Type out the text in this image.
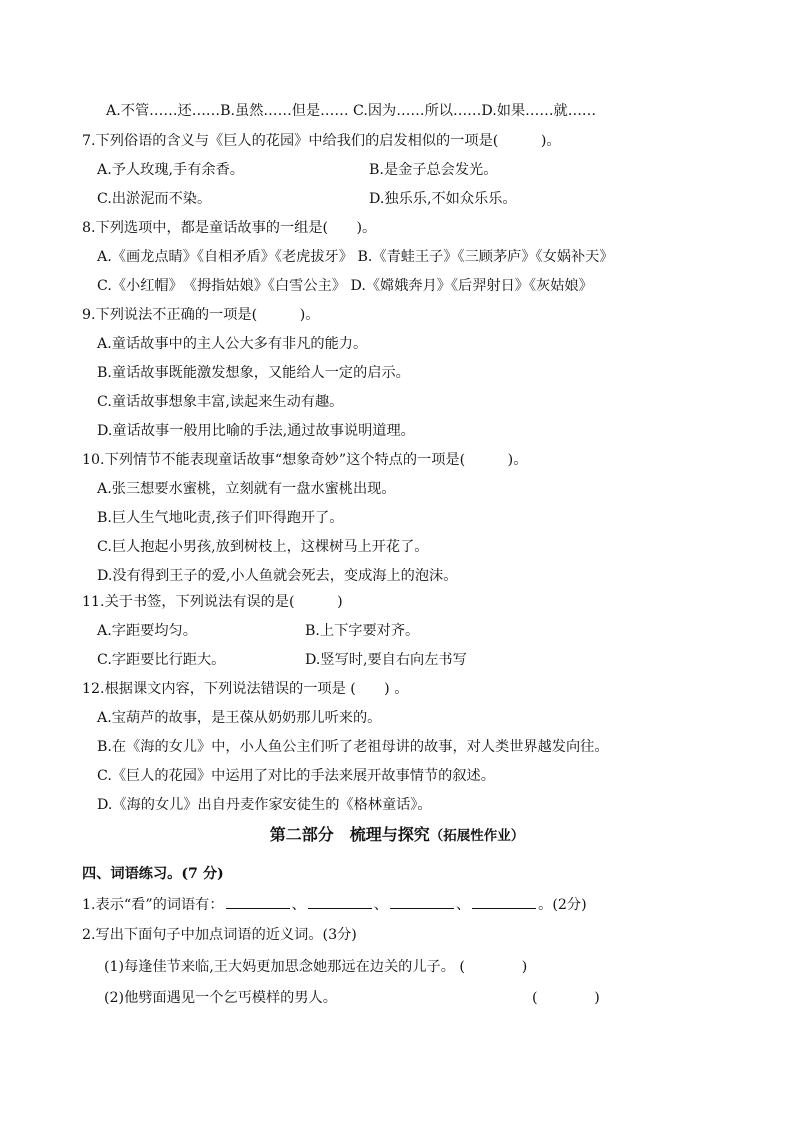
A.不管……还……B.虽然……但是…… C.因为……所以……D.如果……就……
7.下列俗语的含义与《巨人的花园》中给我们的启发相似的一项是(　　　)。
A.予人玫瑰,手有余香。	B.是金子总会发光。
C.出淤泥而不染。	D.独乐乐,不如众乐乐。
8.下列选项中，都是童话故事的一组是(　　)。
A.《画龙点睛》《自相矛盾》《老虎拔牙》 B.《青蛙王子》《三顾茅庐》《女娲补天》
C.《小红帽》　《拇指姑娘》《白雪公主》 D.《嫦娥奔月》《后羿射日》《灰姑娘》
9.下列说法不正确的一项是(　　　)。
A.童话故事中的主人公大多有非凡的能力。
B.童话故事既能激发想象，又能给人一定的启示。
C.童话故事想象丰富,读起来生动有趣。
D.童话故事一般用比喻的手法,通过故事说明道理。
10.下列情节不能表现童话故事“想象奇妙”这个特点的一项是(　　　)。
A.张三想要水蜜桃，立刻就有一盘水蜜桃出现。
B.巨人生气地叱责,孩子们吓得跑开了。
C.巨人抱起小男孩,放到树枝上，这棵树马上开花了。
D.没有得到王子的爱,小人鱼就会死去，变成海上的泡沫。
11.关于书签，下列说法有误的是(　　　)
A.字距要均匀。	B.上下字要对齐。
C.字距要比行距大。	D.竖写时,要自右向左书写
12.根据课文内容，下列说法错误的一项是 (　　) 。
A.宝葫芦的故事，是王葆从奶奶那儿听来的。
B.在《海的女儿》中，小人鱼公主们听了老祖母讲的故事，对人类世界越发向往。
C.《巨人的花园》中运用了对比的手法来展开故事情节的叙述。
D.《海的女儿》出自丹麦作家安徒生的《格林童话》。
第二部分　梳理与探究（拓展性作业）
四、词语练习。(7 分)
1.表示“看”的词语有：	、	、	、	。(2分)
2.写出下面句子中加点词语的近义词。(3分)
(1)每逢佳节来临,王大妈更加思念她那远在边关的儿子。 (　　　　)
(2)他劈面遇见一个乞丐模样的男人。	(　　　　)
